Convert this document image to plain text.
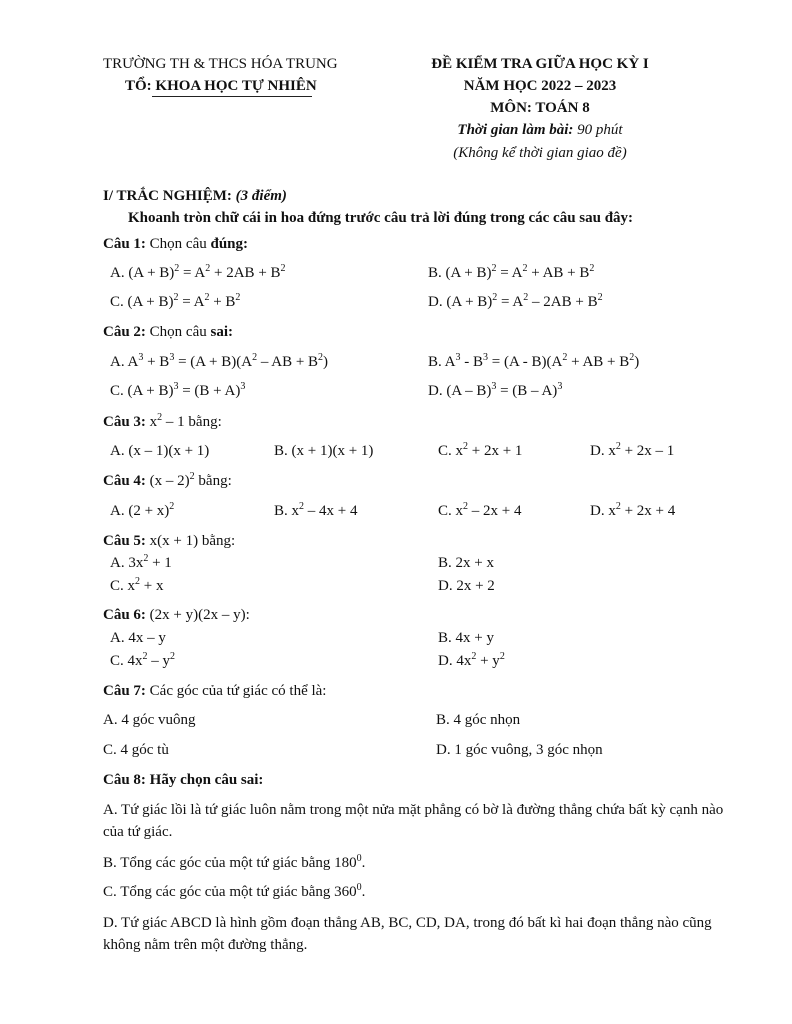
TRƯỜNG TH & THCS HÓA TRUNG
TỔ: KHOA HỌC TỰ NHIÊN
ĐỀ KIỂM TRA GIỮA HỌC KỲ I
NĂM HỌC 2022 – 2023
MÔN: TOÁN 8
Thời gian làm bài: 90 phút
(Không kể thời gian giao đề)
I/ TRẮC NGHIỆM: (3 điểm)
Khoanh tròn chữ cái in hoa đứng trước câu trả lời đúng trong các câu sau đây:
Câu 1: Chọn câu đúng:
A. $(A + B)^2 = A^2 + 2AB + B^2$	B. $(A + B)^2 = A^2$ + AB + $B^2$
C. $(A + B)^2 = A^2 + B^2$	D. $(A + B)^2 = A^2 - 2AB + B^2$
Câu 2: Chọn câu sai:
A. $A^3 + B^3 = (A + B)(A^2$ – AB + $B^2$)	B. $A^3 - B^3 = (A - B)(A^2$ + AB + $B^2$)
C. $(A + B)^3 = (B + A)^3$	D. (A – B)$^3$ = (B – A)$^3$
Câu 3: $x^2 - 1$ bằng:
A. (x – 1)(x + 1)	B. (x + 1)(x + 1)	C. $x^2 + 2x + 1$	D. $x^2 + 2x - 1$
Câu 4: (x – 2)$^2$ bằng:
A. $(2 + x)^2$	B. $x^2 - 4x + 4$	C. $x^2 - 2x + 4$	D. $x^2 + 2x + 4$
Câu 5: x(x + 1) bằng:
A. $3x^2 + 1$	B. 2x + x
C. $x^2 + x$	D. 2x + 2
Câu 6: (2x + y)(2x – y):
A. 4x – y	B. 4x + y
C. $4x^2 - y^2$	D. $4x^2 + y^2$
Câu 7: Các góc của tứ giác có thể là:
A. 4 góc vuông	B. 4 góc nhọn
C. 4 góc tù	D. 1 góc vuông, 3 góc nhọn
Câu 8: Hãy chọn câu sai:
A. Tứ giác lồi là tứ giác luôn nằm trong một nửa mặt phẳng có bờ là đường thẳng chứa bất kỳ cạnh nào của tứ giác.
B. Tổng các góc của một tứ giác bằng $180^0$.
C. Tổng các góc của một tứ giác bằng $360^0$.
D. Tứ giác ABCD là hình gồm đoạn thẳng AB, BC, CD, DA, trong đó bất kì hai đoạn thẳng nào cũng không nằm trên một đường thẳng.
